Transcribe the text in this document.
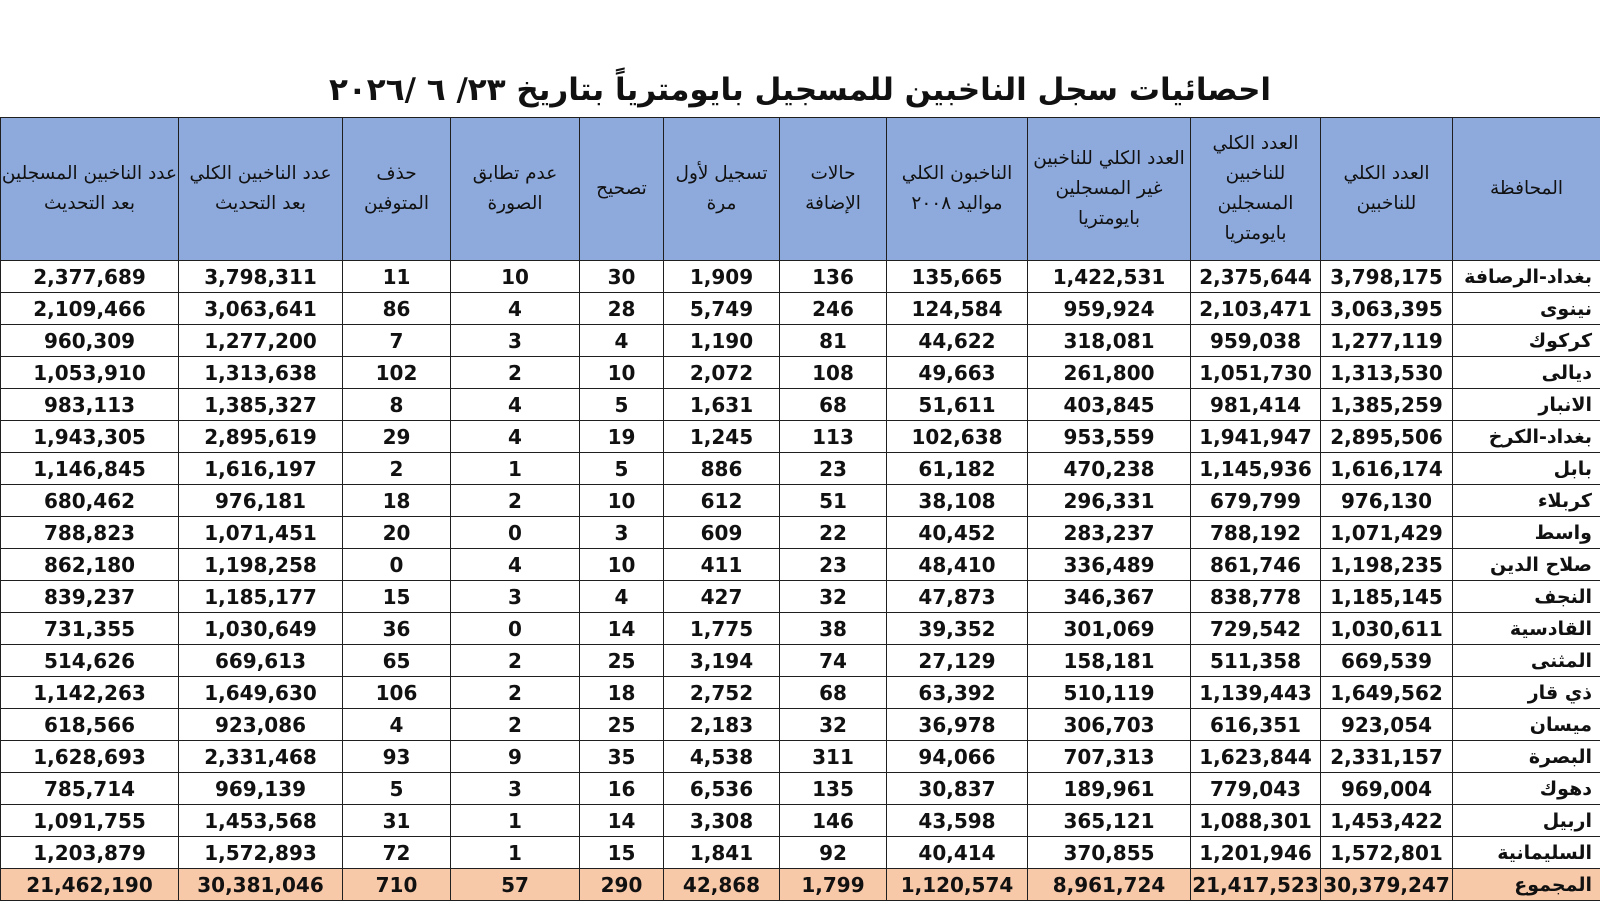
احصائيات سجل الناخبين للمسجيل بايومترياً بتاريخ ٢٣/ ٦ /٢٠٢٦
المحافظة	العدد الكلي للناخبين	العدد الكلي للناخبين المسجلين بايومتريا	العدد الكلي للناخبين غير المسجلين بايومتريا	الناخبون الكلي مواليد ٢٠٠٨	حالات الإضافة	تسجيل لأول مرة	تصحيح	عدم تطابق الصورة	حذف المتوفين	عدد الناخبين الكلي بعد التحديث	عدد الناخبين المسجلين بعد التحديث
بغداد-الرصافة	3,798,175	2,375,644	1,422,531	135,665	136	1,909	30	10	11	3,798,311	2,377,689
نينوى	3,063,395	2,103,471	959,924	124,584	246	5,749	28	4	86	3,063,641	2,109,466
كركوك	1,277,119	959,038	318,081	44,622	81	1,190	4	3	7	1,277,200	960,309
ديالى	1,313,530	1,051,730	261,800	49,663	108	2,072	10	2	102	1,313,638	1,053,910
الانبار	1,385,259	981,414	403,845	51,611	68	1,631	5	4	8	1,385,327	983,113
بغداد-الكرخ	2,895,506	1,941,947	953,559	102,638	113	1,245	19	4	29	2,895,619	1,943,305
بابل	1,616,174	1,145,936	470,238	61,182	23	886	5	1	2	1,616,197	1,146,845
كربلاء	976,130	679,799	296,331	38,108	51	612	10	2	18	976,181	680,462
واسط	1,071,429	788,192	283,237	40,452	22	609	3	0	20	1,071,451	788,823
صلاح الدين	1,198,235	861,746	336,489	48,410	23	411	10	4	0	1,198,258	862,180
النجف	1,185,145	838,778	346,367	47,873	32	427	4	3	15	1,185,177	839,237
القادسية	1,030,611	729,542	301,069	39,352	38	1,775	14	0	36	1,030,649	731,355
المثنى	669,539	511,358	158,181	27,129	74	3,194	25	2	65	669,613	514,626
ذي قار	1,649,562	1,139,443	510,119	63,392	68	2,752	18	2	106	1,649,630	1,142,263
ميسان	923,054	616,351	306,703	36,978	32	2,183	25	2	4	923,086	618,566
البصرة	2,331,157	1,623,844	707,313	94,066	311	4,538	35	9	93	2,331,468	1,628,693
دهوك	969,004	779,043	189,961	30,837	135	6,536	16	3	5	969,139	785,714
اربيل	1,453,422	1,088,301	365,121	43,598	146	3,308	14	1	31	1,453,568	1,091,755
السليمانية	1,572,801	1,201,946	370,855	40,414	92	1,841	15	1	72	1,572,893	1,203,879
المجموع	30,379,247	21,417,523	8,961,724	1,120,574	1,799	42,868	290	57	710	30,381,046	21,462,190
